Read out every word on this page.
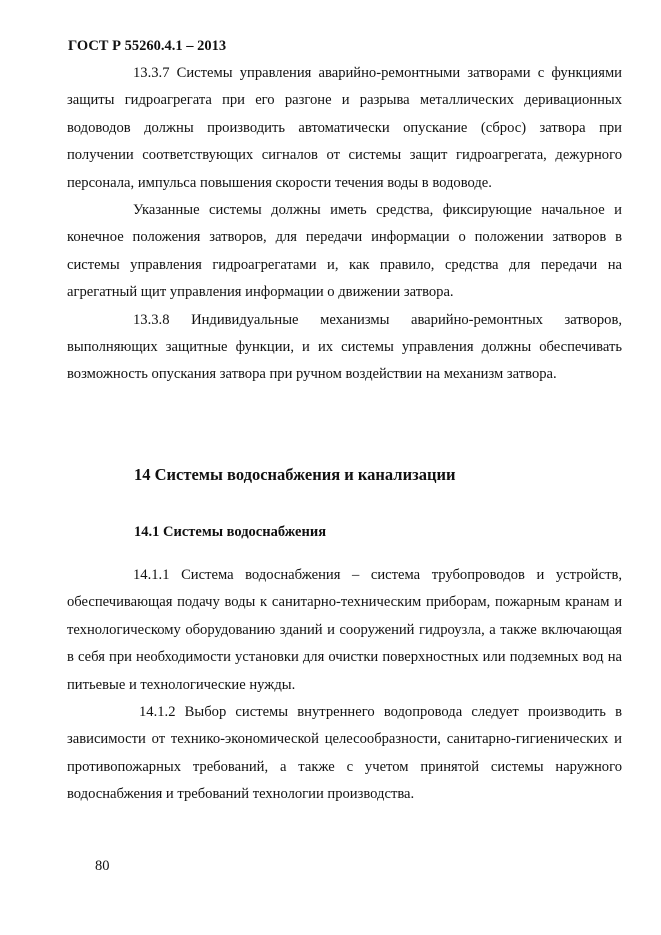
ГОСТ Р 55260.4.1 – 2013

13.3.7 Системы управления аварийно-ремонтными затворами с функциями защиты гидроагрегата при его разгоне и разрыва металлических деривационных водоводов должны производить автоматически опускание (сброс) затвора при получении соответствующих сигналов от системы защит гидроагрегата, дежурного персонала, импульса повышения скорости течения воды в водоводе.

Указанные системы должны иметь средства, фиксирующие начальное и конечное положения затворов, для передачи информации о положении затворов в системы управления гидроагрегатами и, как правило, средства для передачи на агрегатный щит управления информации о движении затвора.

13.3.8 Индивидуальные механизмы аварийно-ремонтных затворов, выполняющих защитные функции, и их системы управления должны обеспечивать возможность опускания затвора при ручном воздействии на механизм затвора.

14 Системы водоснабжения и канализации
14.1 Системы водоснабжения

14.1.1 Система водоснабжения – система трубопроводов и устройств, обеспечивающая подачу воды к санитарно-техническим приборам, пожарным кранам и технологическому оборудованию зданий и сооружений гидроузла, а также включающая в себя при необходимости установки для очистки поверхностных или подземных вод на питьевые и технологические нужды.

14.1.2 Выбор системы внутреннего водопровода следует производить в зависимости от технико-экономической целесообразности, санитарно-гигиенических и противопожарных требований, а также с учетом принятой системы наружного водоснабжения и требований технологии производства.

80
